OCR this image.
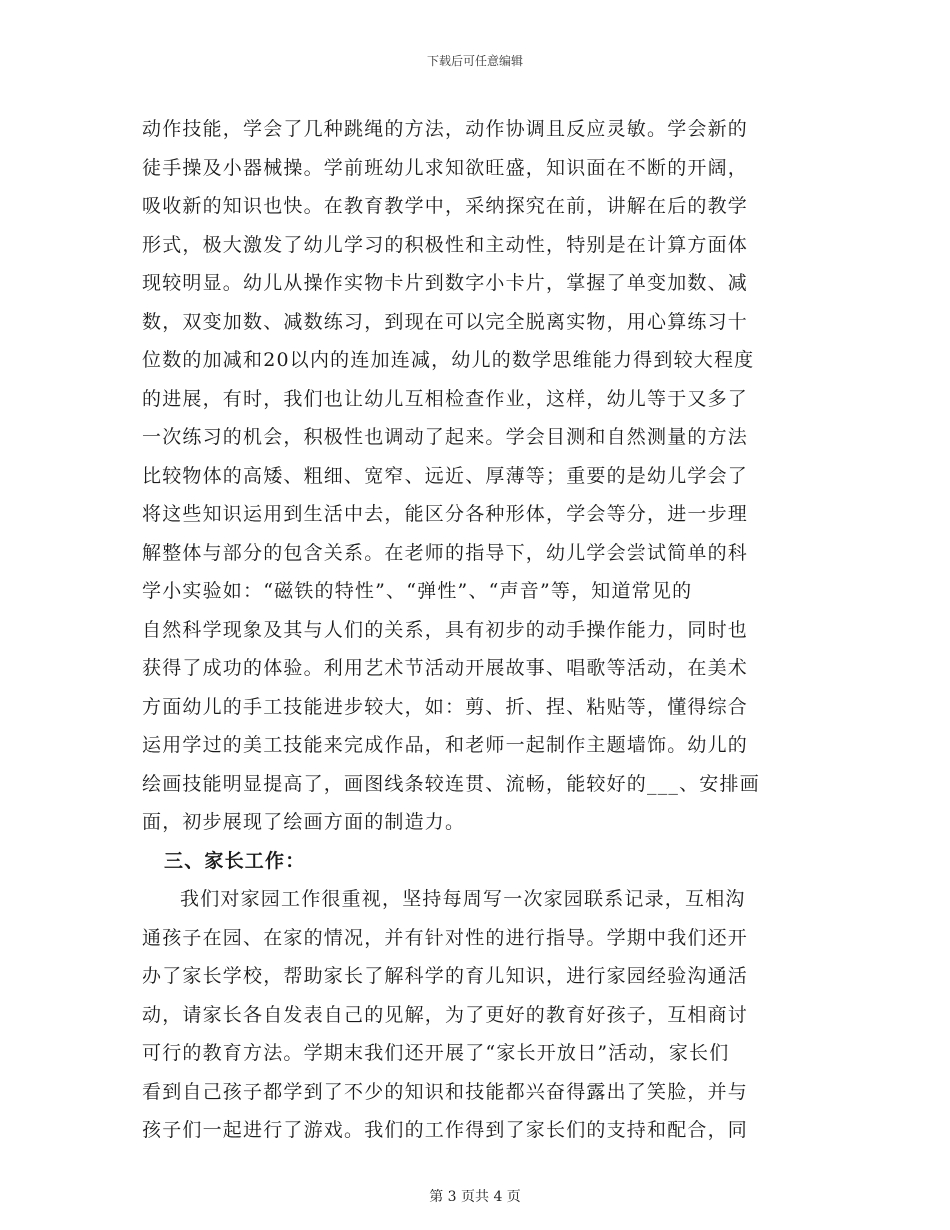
下载后可任意编辑
动作技能，学会了几种跳绳的方法，动作协调且反应灵敏。学会新的
徒手操及小器械操。学前班幼儿求知欲旺盛，知识面在不断的开阔，
吸收新的知识也快。在教育教学中，采纳探究在前，讲解在后的教学
形式，极大激发了幼儿学习的积极性和主动性，特别是在计算方面体
现较明显。幼儿从操作实物卡片到数字小卡片，掌握了单变加数、减
数，双变加数、减数练习，到现在可以完全脱离实物，用心算练习十
位数的加减和20以内的连加连减，幼儿的数学思维能力得到较大程度
的进展，有时，我们也让幼儿互相检查作业，这样，幼儿等于又多了
一次练习的机会，积极性也调动了起来。学会目测和自然测量的方法
比较物体的高矮、粗细、宽窄、远近、厚薄等；重要的是幼儿学会了
将这些知识运用到生活中去，能区分各种形体，学会等分，进一步理
解整体与部分的包含关系。在老师的指导下，幼儿学会尝试简单的科
学小实验如：“磁铁的特性”、“弹性”、“声音”等，知道常见的
自然科学现象及其与人们的关系，具有初步的动手操作能力，同时也
获得了成功的体验。利用艺术节活动开展故事、唱歌等活动，在美术
方面幼儿的手工技能进步较大，如：剪、折、捏、粘贴等，懂得综合
运用学过的美工技能来完成作品，和老师一起制作主题墙饰。幼儿的
绘画技能明显提高了，画图线条较连贯、流畅，能较好的___、安排画
面，初步展现了绘画方面的制造力。
三、家长工作：
我们对家园工作很重视，坚持每周写一次家园联系记录，互相沟
通孩子在园、在家的情况，并有针对性的进行指导。学期中我们还开
办了家长学校，帮助家长了解科学的育儿知识，进行家园经验沟通活
动，请家长各自发表自己的见解，为了更好的教育好孩子，互相商讨
可行的教育方法。学期末我们还开展了“家长开放日”活动，家长们
看到自己孩子都学到了不少的知识和技能都兴奋得露出了笑脸，并与
孩子们一起进行了游戏。我们的工作得到了家长们的支持和配合，同
第 3 页共 4 页
